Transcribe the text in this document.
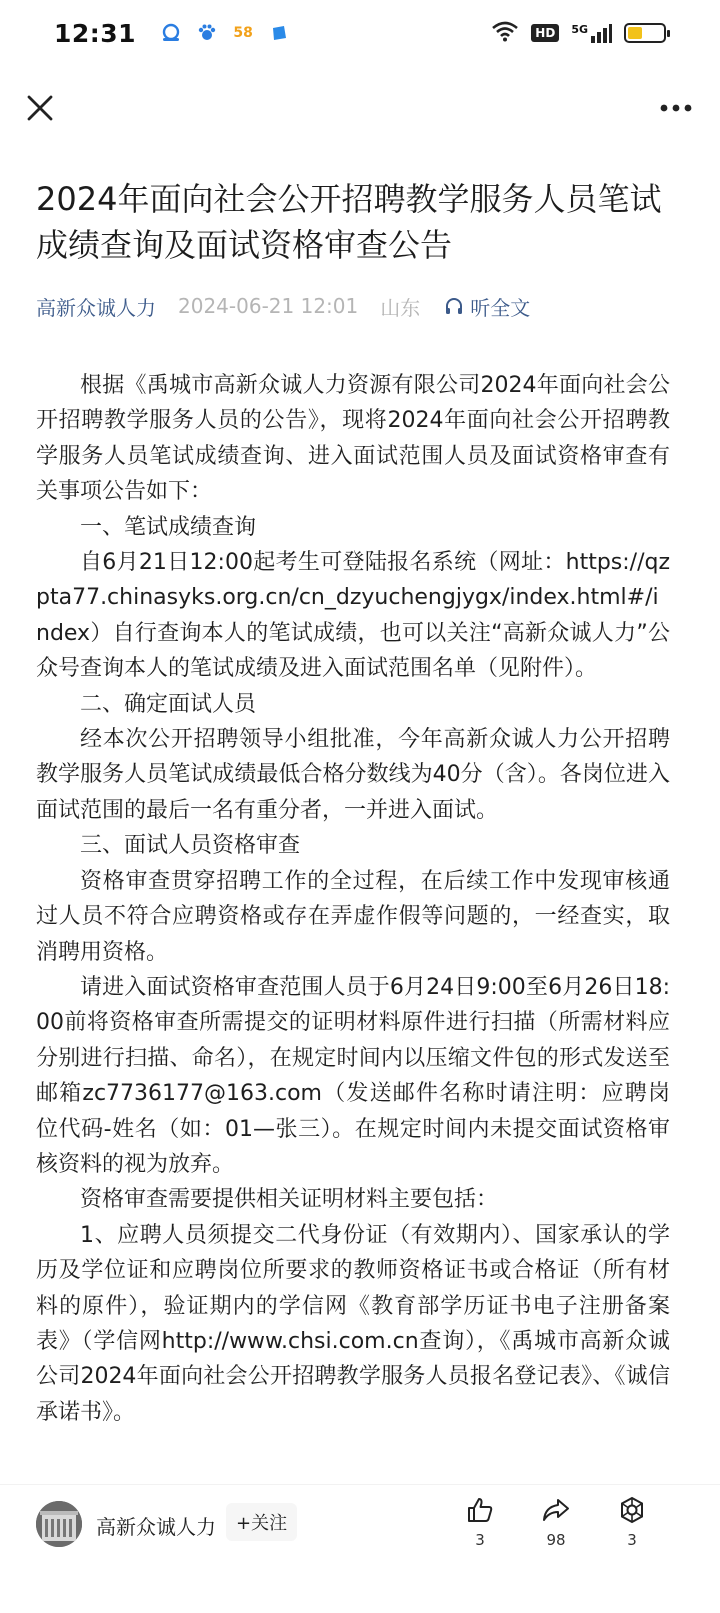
12:31	58	HD	5G
2024年面向社会公开招聘教学服务人员笔试成绩查询及面试资格审查公告
高新众诚人力 2024-06-21 12:01 山东	听全文

根据《禹城市高新众诚人力资源有限公司2024年面向社会公开招聘教学服务人员的公告》，现将2024年面向社会公开招聘教学服务人员笔试成绩查询、进入面试范围人员及面试资格审查有关事项公告如下：

一、笔试成绩查询

自6月21日12:00起考生可登陆报名系统（网址：https://qzpta77.chinasyks.org.cn/cn_dzyuchengjygx/index.html#/index）自行查询本人的笔试成绩，也可以关注“高新众诚人力”公众号查询本人的笔试成绩及进入面试范围名单（见附件）。

二、确定面试人员

经本次公开招聘领导小组批准，今年高新众诚人力公开招聘教学服务人员笔试成绩最低合格分数线为40分（含）。各岗位进入面试范围的最后一名有重分者，一并进入面试。

三、面试人员资格审查

资格审查贯穿招聘工作的全过程，在后续工作中发现审核通过人员不符合应聘资格或存在弄虚作假等问题的，一经查实，取消聘用资格。

请进入面试资格审查范围人员于6月24日9:00至6月26日18:00前将资格审查所需提交的证明材料原件进行扫描（所需材料应分别进行扫描、命名），在规定时间内以压缩文件包的形式发送至邮箱zc7736177@163.com（发送邮件名称时请注明：应聘岗位代码-姓名（如：01—张三）。在规定时间内未提交面试资格审核资料的视为放弃。

资格审查需要提供相关证明材料主要包括：

1、应聘人员须提交二代身份证（有效期内）、国家承认的学历及学位证和应聘岗位所要求的教师资格证书或合格证（所有材料的原件），验证期内的学信网《教育部学历证书电子注册备案表》（学信网http://www.chsi.com.cn查询），《禹城市高新众诚公司2024年面向社会公开招聘教学服务人员报名登记表》、《诚信承诺书》。

高新众诚人力	+关注
3	98	3
